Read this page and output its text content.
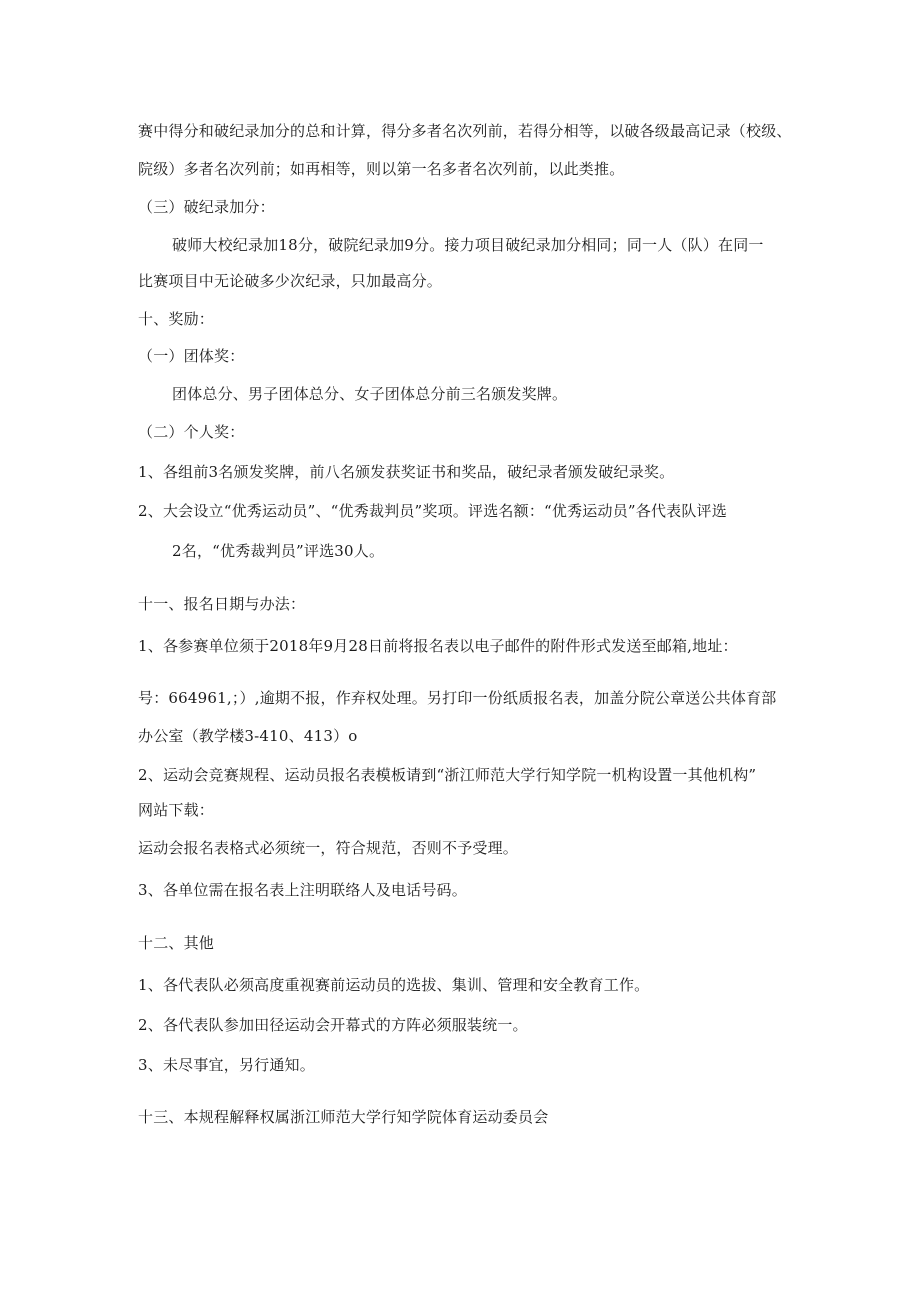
赛中得分和破纪录加分的总和计算，得分多者名次列前，若得分相等，以破各级最高记录（校级、
院级）多者名次列前；如再相等，则以第一名多者名次列前，以此类推。
（三）破纪录加分：
破师大校纪录加18分，破院纪录加9分。接力项目破纪录加分相同；同一人（队）在同一
比赛项目中无论破多少次纪录，只加最高分。
十、奖励：
（一）团体奖：
团体总分、男子团体总分、女子团体总分前三名颁发奖牌。
（二）个人奖：
1、各组前3名颁发奖牌，前八名颁发获奖证书和奖品，破纪录者颁发破纪录奖。
2、大会设立“优秀运动员”、“优秀裁判员”奖项。评选名额：“优秀运动员”各代表队评选
2名，“优秀裁判员”评选30人。
十一、报名日期与办法：
1、各参赛单位须于2018年9月28日前将报名表以电子邮件的附件形式发送至邮箱,地址：
号：664961,；）,逾期不报，作弃权处理。另打印一份纸质报名表，加盖分院公章送公共体育部
办公室（教学楼3-410、413）o
2、运动会竞赛规程、运动员报名表模板请到“浙江师范大学行知学院一机构设置一其他机构”
网站下载：
运动会报名表格式必须统一，符合规范，否则不予受理。
3、各单位需在报名表上注明联络人及电话号码。
十二、其他
1、各代表队必须高度重视赛前运动员的选拔、集训、管理和安全教育工作。
2、各代表队参加田径运动会开幕式的方阵必须服装统一。
3、未尽事宜，另行通知。
十三、本规程解释权属浙江师范大学行知学院体育运动委员会
